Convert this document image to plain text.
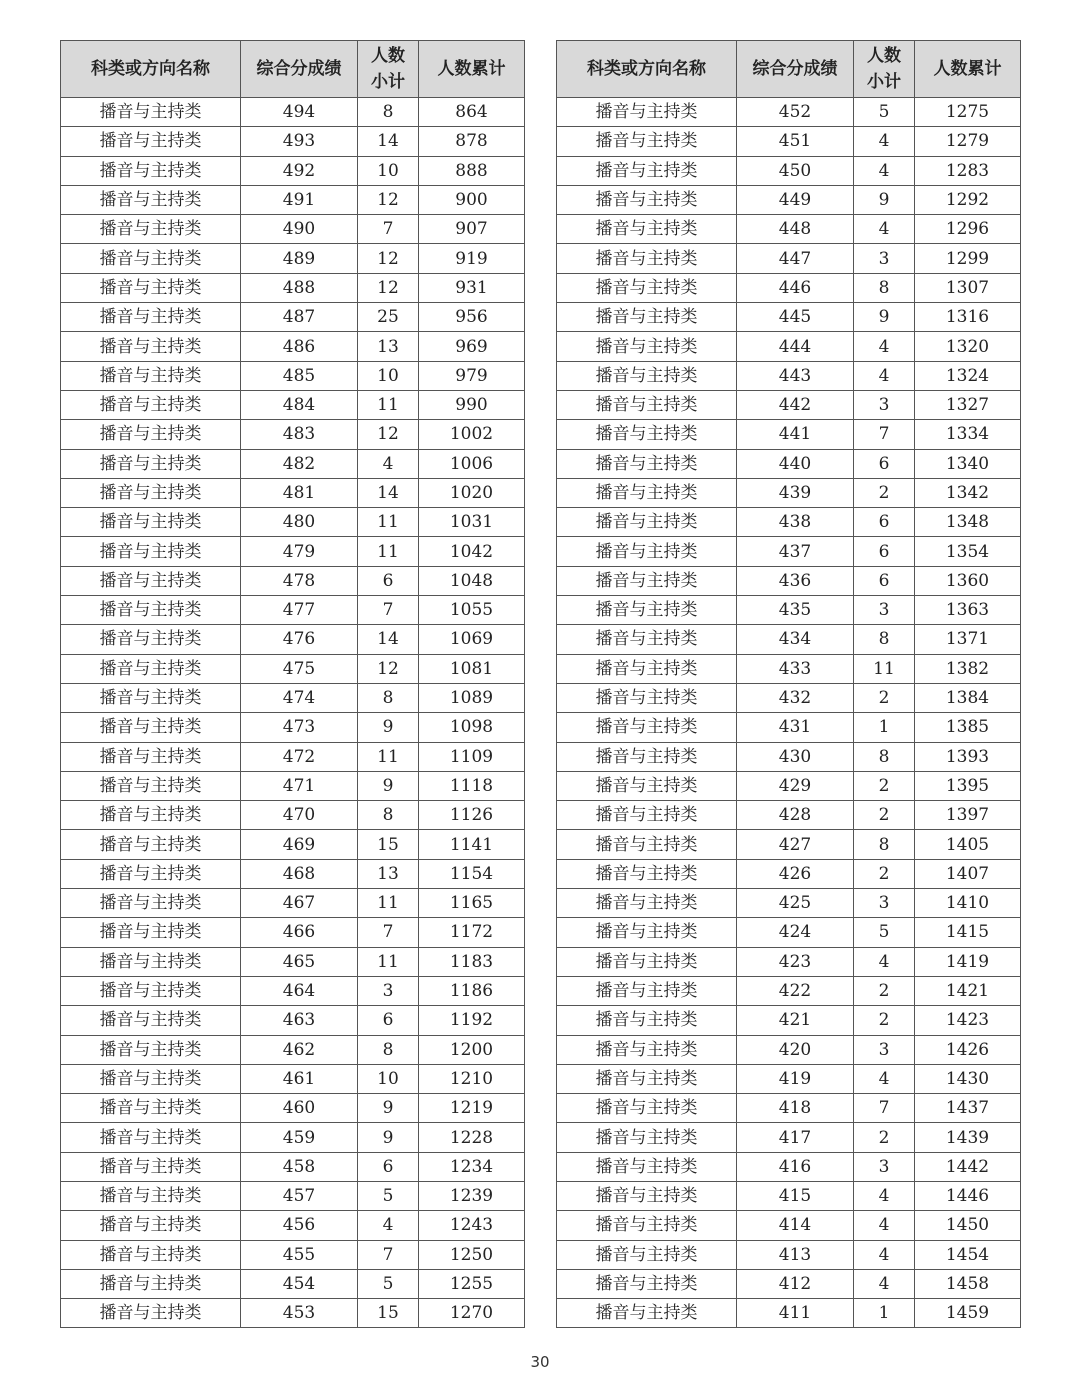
科类或方向名称	综合分成绩	人数小计	人数累计
播音与主持类	494	8	864
播音与主持类	493	14	878
播音与主持类	492	10	888
播音与主持类	491	12	900
播音与主持类	490	7	907
播音与主持类	489	12	919
播音与主持类	488	12	931
播音与主持类	487	25	956
播音与主持类	486	13	969
播音与主持类	485	10	979
播音与主持类	484	11	990
播音与主持类	483	12	1002
播音与主持类	482	4	1006
播音与主持类	481	14	1020
播音与主持类	480	11	1031
播音与主持类	479	11	1042
播音与主持类	478	6	1048
播音与主持类	477	7	1055
播音与主持类	476	14	1069
播音与主持类	475	12	1081
播音与主持类	474	8	1089
播音与主持类	473	9	1098
播音与主持类	472	11	1109
播音与主持类	471	9	1118
播音与主持类	470	8	1126
播音与主持类	469	15	1141
播音与主持类	468	13	1154
播音与主持类	467	11	1165
播音与主持类	466	7	1172
播音与主持类	465	11	1183
播音与主持类	464	3	1186
播音与主持类	463	6	1192
播音与主持类	462	8	1200
播音与主持类	461	10	1210
播音与主持类	460	9	1219
播音与主持类	459	9	1228
播音与主持类	458	6	1234
播音与主持类	457	5	1239
播音与主持类	456	4	1243
播音与主持类	455	7	1250
播音与主持类	454	5	1255
播音与主持类	453	15	1270
科类或方向名称	综合分成绩	人数小计	人数累计
播音与主持类	452	5	1275
播音与主持类	451	4	1279
播音与主持类	450	4	1283
播音与主持类	449	9	1292
播音与主持类	448	4	1296
播音与主持类	447	3	1299
播音与主持类	446	8	1307
播音与主持类	445	9	1316
播音与主持类	444	4	1320
播音与主持类	443	4	1324
播音与主持类	442	3	1327
播音与主持类	441	7	1334
播音与主持类	440	6	1340
播音与主持类	439	2	1342
播音与主持类	438	6	1348
播音与主持类	437	6	1354
播音与主持类	436	6	1360
播音与主持类	435	3	1363
播音与主持类	434	8	1371
播音与主持类	433	11	1382
播音与主持类	432	2	1384
播音与主持类	431	1	1385
播音与主持类	430	8	1393
播音与主持类	429	2	1395
播音与主持类	428	2	1397
播音与主持类	427	8	1405
播音与主持类	426	2	1407
播音与主持类	425	3	1410
播音与主持类	424	5	1415
播音与主持类	423	4	1419
播音与主持类	422	2	1421
播音与主持类	421	2	1423
播音与主持类	420	3	1426
播音与主持类	419	4	1430
播音与主持类	418	7	1437
播音与主持类	417	2	1439
播音与主持类	416	3	1442
播音与主持类	415	4	1446
播音与主持类	414	4	1450
播音与主持类	413	4	1454
播音与主持类	412	4	1458
播音与主持类	411	1	1459
30
